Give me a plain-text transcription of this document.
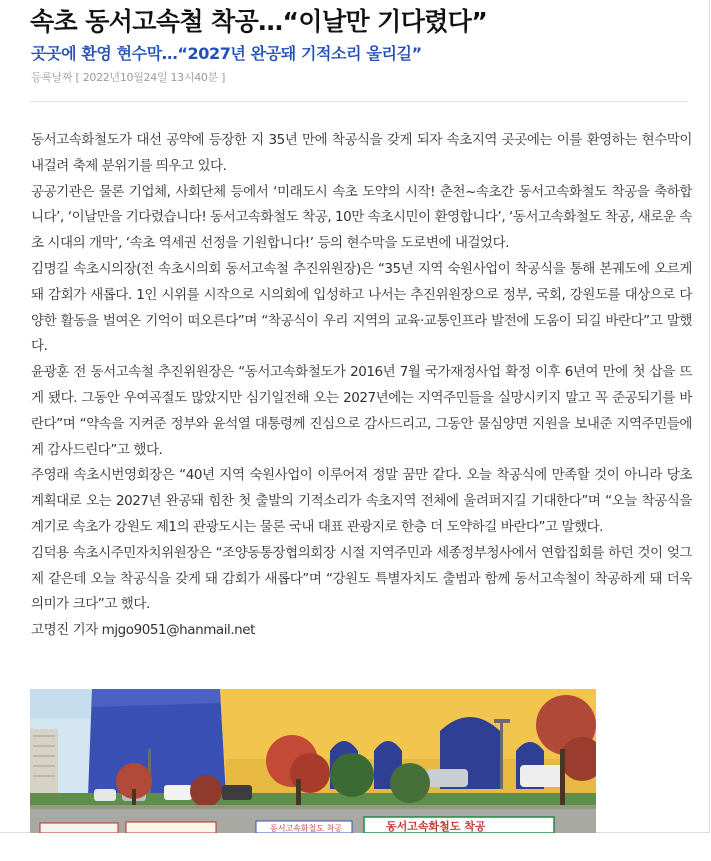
속초 동서고속철 착공…“이날만 기다렸다”
곳곳에 환영 현수막…“2027년 완공돼 기적소리 울리길”
등록날짜 [ 2022년10월24일 13시40분 ]

동서고속화철도가 대선 공약에 등장한 지 35년 만에 착공식을 갖게 되자 속초지역 곳곳에는 이를 환영하는 현수막이 내걸려 축제 분위기를 띄우고 있다.

공공기관은 물론 기업체, 사회단체 등에서 ‘미래도시 속초 도약의 시작! 춘천~속초간 동서고속화철도 착공을 축하합니다’, ‘이날만을 기다렸습니다! 동서고속화철도 착공, 10만 속초시민이 환영합니다’, ‘동서고속화철도 착공, 새로운 속초 시대의 개막’, ‘속초 역세권 선정을 기원합니다!’ 등의 현수막을 도로변에 내걸었다.

김명길 속초시의장(전 속초시의회 동서고속철 추진위원장)은 “35년 지역 숙원사업이 착공식을 통해 본궤도에 오르게 돼 감회가 새롭다. 1인 시위를 시작으로 시의회에 입성하고 나서는 추진위원장으로 정부, 국회, 강원도를 대상으로 다양한 활동을 벌여온 기억이 떠오른다”며 “착공식이 우리 지역의 교육·교통인프라 발전에 도움이 되길 바란다”고 말했다.

윤광훈 전 동서고속철 추진위원장은 “동서고속화철도가 2016년 7월 국가재정사업 확정 이후 6년여 만에 첫 삽을 뜨게 됐다. 그동안 우여곡절도 많았지만 심기일전해 오는 2027년에는 지역주민들을 실망시키지 말고 꼭 준공되기를 바란다”며 “약속을 지켜준 정부와 윤석열 대통령께 진심으로 감사드리고, 그동안 물심양면 지원을 보내준 지역주민들에게 감사드린다”고 했다.

주영래 속초시번영회장은 “40년 지역 숙원사업이 이루어져 정말 꿈만 같다. 오늘 착공식에 만족할 것이 아니라 당초 계획대로 오는 2027년 완공돼 힘찬 첫 출발의 기적소리가 속초지역 전체에 울려퍼지길 기대한다”며 “오늘 착공식을 계기로 속초가 강원도 제1의 관광도시는 물론 국내 대표 관광지로 한층 더 도약하길 바란다”고 말했다.

김덕용 속초시주민자치위원장은 “조양동통장협의회장 시절 지역주민과 세종정부청사에서 연합집회를 하던 것이 엊그제 같은데 오늘 착공식을 갖게 돼 감회가 새롭다”며 “강원도 특별자치도 출범과 함께 동서고속철이 착공하게 돼 더욱 의미가 크다”고 했다.

고명진 기자 mjgo9051@hanmail.net

동서고속화철도 착공	동서고속화철도 착공
